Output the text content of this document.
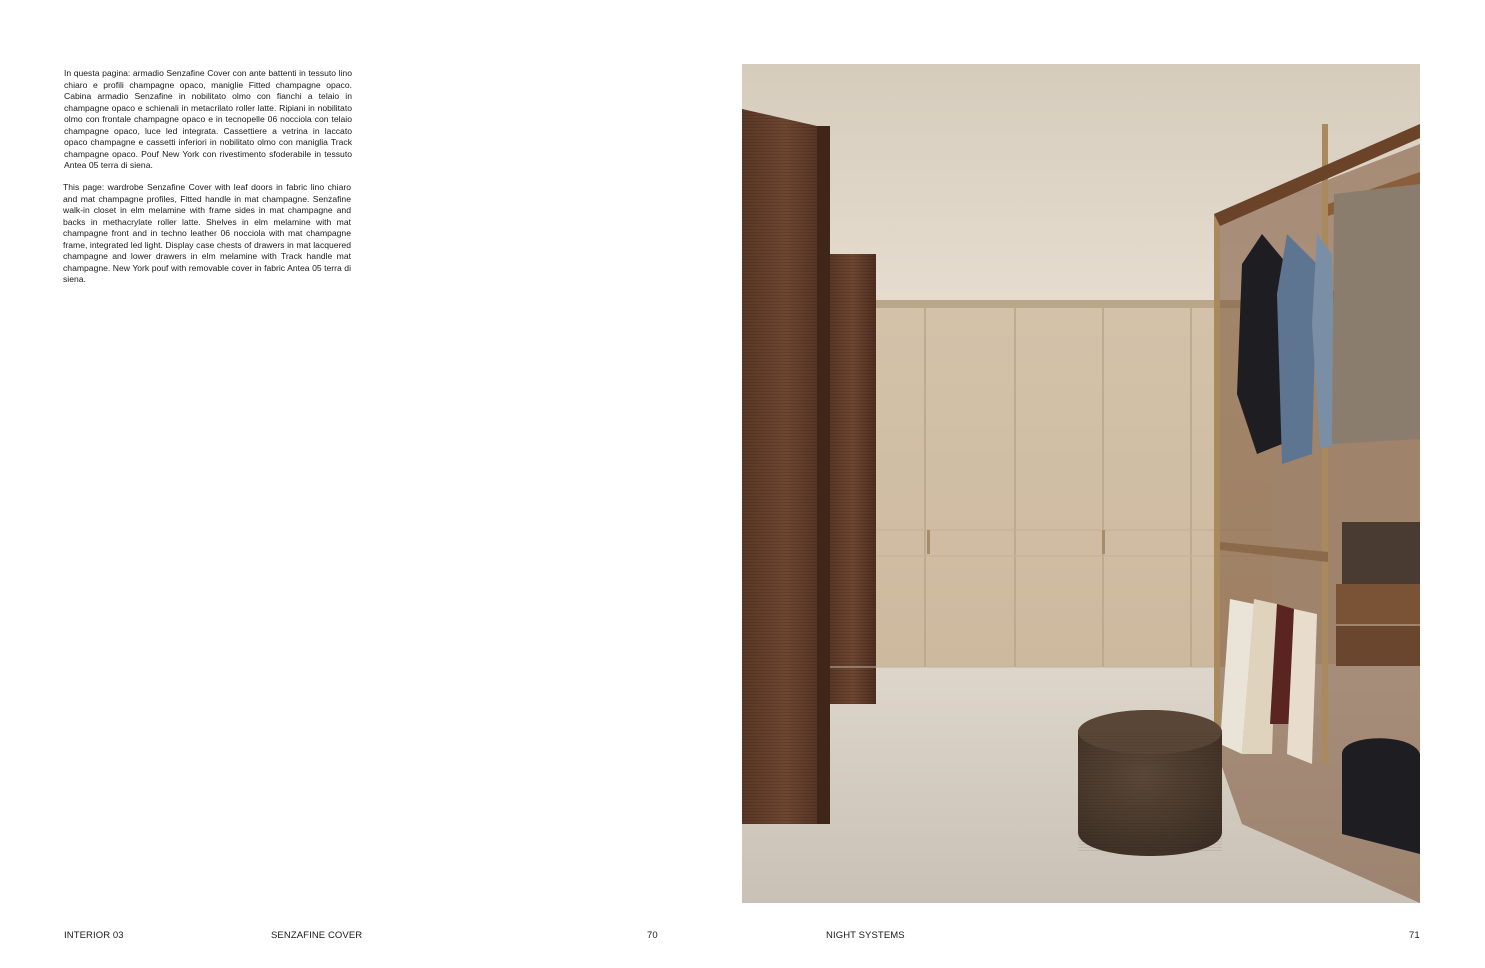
In questa pagina: armadio Senzafine Cover con ante battenti in tessuto lino chiaro e profili champagne opaco, maniglie Fitted champagne opaco. Cabina armadio Senzafine in nobilitato olmo con fianchi a telaio in champagne opaco e schienali in metacrilato roller latte. Ripiani in nobilitato olmo con frontale champagne opaco e in tecnopelle 06 nocciola con telaio champagne opaco, luce led integrata. Cassettiere a vetrina in laccato opaco champagne e cassetti inferiori in nobilitato olmo con maniglia Track champagne opaco. Pouf New York con rivestimento sfoderabile in tessuto Antea 05 terra di siena.

This page: wardrobe Senzafine Cover with leaf doors in fabric lino chiaro and mat champagne profiles, Fitted handle in mat champagne. Senzafine walk-in closet in elm melamine with frame sides in mat champagne and backs in methacrylate roller latte. Shelves in elm melamine with mat champagne front and in techno leather 06 nocciola with mat champagne frame, integrated led light. Display case chests of drawers in mat lacquered champagne and lower drawers in elm melamine with Track handle mat champagne. New York pouf with removable cover in fabric Antea 05 terra di siena.

INTERIOR 03	SENZAFINE COVER	70	NIGHT SYSTEMS	71
